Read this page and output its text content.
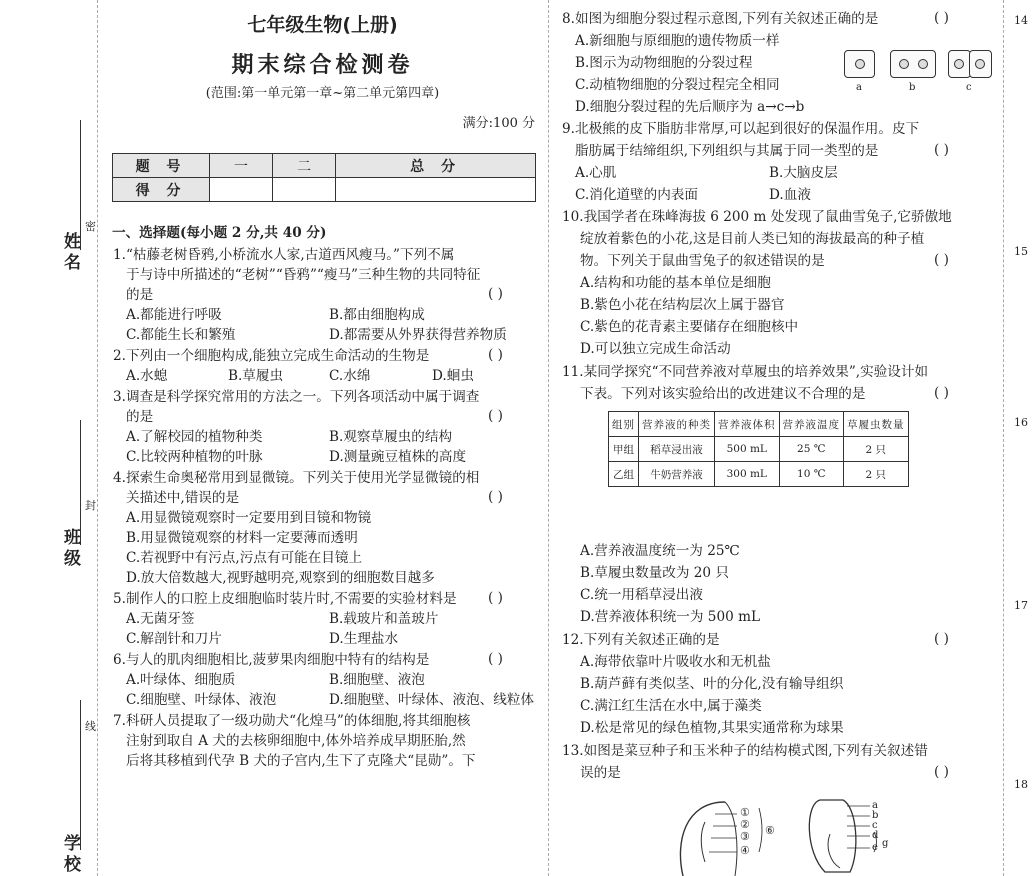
姓名
班级
学校
密
封
线
七年级生物(上册)
期末综合检测卷
(范围:第一单元第一章~第二单元第四章)
满分:100 分
题 号	一	二	总 分
得 分			
一、选择题(每小题 2 分,共 40 分)
1.“枯藤老树昏鸦,小桥流水人家,古道西风瘦马。”下列不属
于与诗中所描述的“老树”“昏鸦”“瘦马”三种生物的共同特征
的是	( )
A.都能进行呼吸	B.都由细胞构成
C.都能生长和繁殖	D.都需要从外界获得营养物质
2.下列由一个细胞构成,能独立完成生命活动的生物是	( )
A.水螅	B.草履虫	C.水绵	D.蛔虫
3.调查是科学探究常用的方法之一。下列各项活动中属于调查
的是	( )
A.了解校园的植物种类	B.观察草履虫的结构
C.比较两种植物的叶脉	D.测量豌豆植株的高度
4.探索生命奥秘常用到显微镜。下列关于使用光学显微镜的相
关描述中,错误的是	( )
A.用显微镜观察时一定要用到目镜和物镜
B.用显微镜观察的材料一定要薄而透明
C.若视野中有污点,污点有可能在目镜上
D.放大倍数越大,视野越明亮,观察到的细胞数目越多
5.制作人的口腔上皮细胞临时装片时,不需要的实验材料是 ( )
A.无菌牙签	B.载玻片和盖玻片
C.解剖针和刀片	D.生理盐水
6.与人的肌肉细胞相比,菠萝果肉细胞中特有的结构是	( )
A.叶绿体、细胞质	B.细胞壁、液泡
C.细胞壁、叶绿体、液泡	D.细胞壁、叶绿体、液泡、线粒体
7.科研人员提取了一级功勋犬“化煌马”的体细胞,将其细胞核
注射到取自 A 犬的去核卵细胞中,体外培养成早期胚胎,然
后将其移植到代孕 B 犬的子宫内,生下了克隆犬“昆勋”。下
8.如图为细胞分裂过程示意图,下列有关叙述正确的是	( )
A.新细胞与原细胞的遗传物质一样
B.图示为动物细胞的分裂过程
C.动植物细胞的分裂过程完全相同
D.细胞分裂过程的先后顺序为 a→c→b
a	b	c
9.北极熊的皮下脂肪非常厚,可以起到很好的保温作用。皮下
脂肪属于结缔组织,下列组织与其属于同一类型的是	( )
A.心肌	B.大脑皮层
C.消化道壁的内表面	D.血液
10.我国学者在珠峰海拔 6 200 m 处发现了鼠曲雪兔子,它骄傲地
绽放着紫色的小花,这是目前人类已知的海拔最高的种子植
物。下列关于鼠曲雪兔子的叙述错误的是	( )
A.结构和功能的基本单位是细胞
B.紫色小花在结构层次上属于器官
C.紫色的花青素主要储存在细胞核中
D.可以独立完成生命活动
11.某同学探究“不同营养液对草履虫的培养效果”,实验设计如
下表。下列对该实验给出的改进建议不合理的是	( )
组别	营养液的种类	营养液体积	营养液温度	草履虫数量
甲组	稻草浸出液	500 mL	25 ℃	2 只
乙组	牛奶营养液	300 mL	10 ℃	2 只
A.营养液温度统一为 25℃
B.草履虫数量改为 20 只
C.统一用稻草浸出液
D.营养液体积统一为 500 mL
12.下列有关叙述正确的是	( )
A.海带依靠叶片吸收水和无机盐
B.葫芦藓有类似茎、叶的分化,没有输导组织
C.满江红生活在水中,属于藻类
D.松是常见的绿色植物,其果实通常称为球果
13.如图是菜豆种子和玉米种子的结构模式图,下列有关叙述错
误的是	( )
①
②
③
④
⑥
a
b
c
d
e g
14
15
16
17
18
